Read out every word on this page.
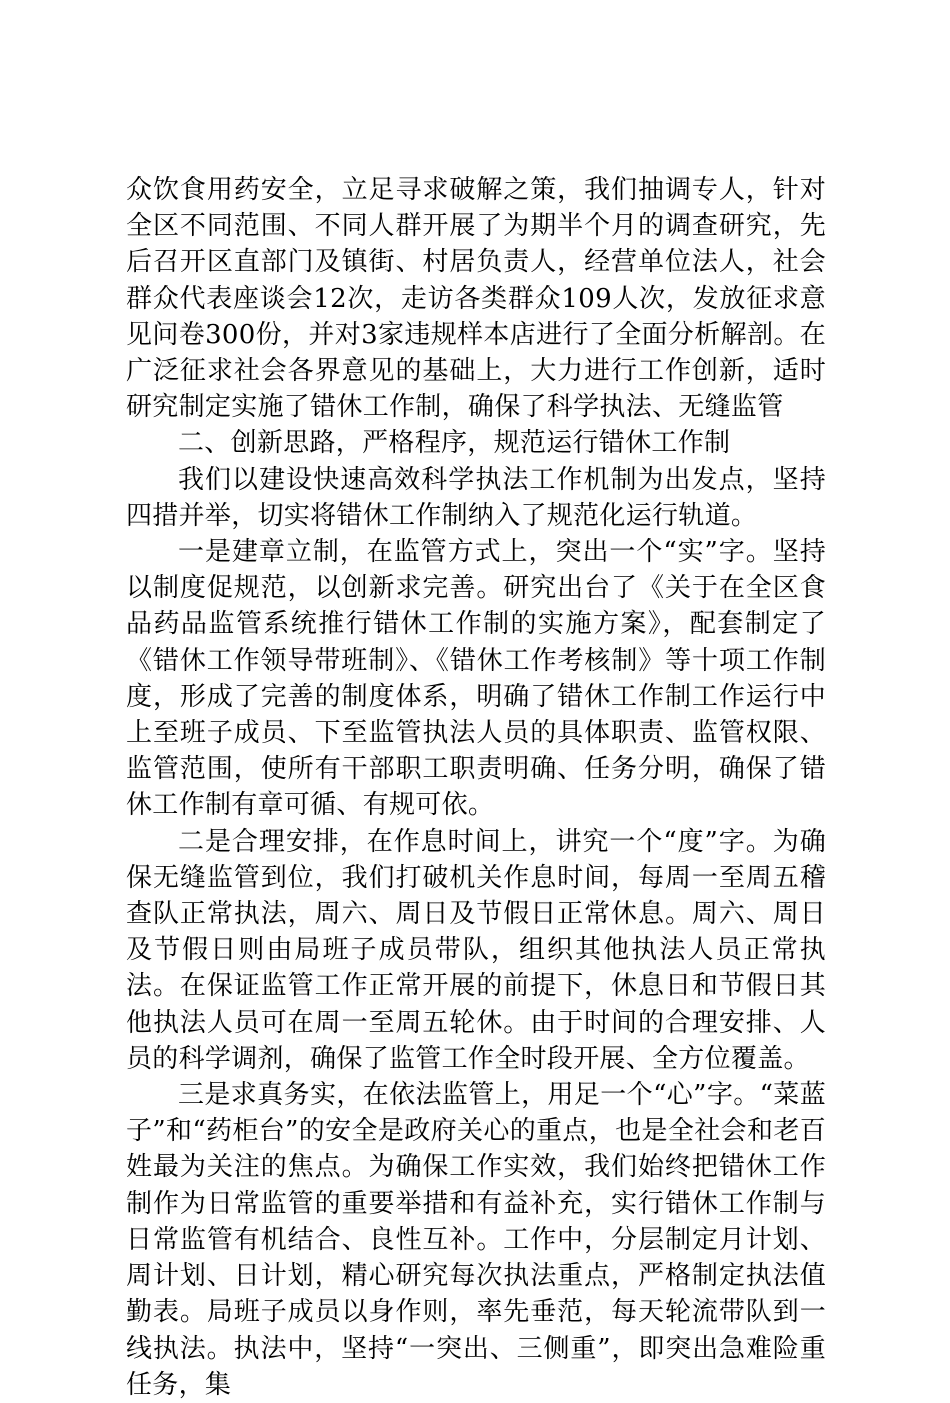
众饮食用药安全，立足寻求破解之策，我们抽调专人，针对全区不同范围、不同人群开展了为期半个月的调查研究，先后召开区直部门及镇街、村居负责人，经营单位法人，社会群众代表座谈会12次，走访各类群众109人次，发放征求意见问卷300份，并对3家违规样本店进行了全面分析解剖。在广泛征求社会各界意见的基础上，大力进行工作创新，适时研究制定实施了错休工作制，确保了科学执法、无缝监管

二、创新思路，严格程序，规范运行错休工作制

我们以建设快速高效科学执法工作机制为出发点，坚持四措并举，切实将错休工作制纳入了规范化运行轨道。

一是建章立制，在监管方式上，突出一个“实”字。坚持以制度促规范，以创新求完善。研究出台了《关于在全区食品药品监管系统推行错休工作制的实施方案》，配套制定了《错休工作领导带班制》、《错休工作考核制》等十项工作制度，形成了完善的制度体系，明确了错休工作制工作运行中上至班子成员、下至监管执法人员的具体职责、监管权限、监管范围，使所有干部职工职责明确、任务分明，确保了错休工作制有章可循、有规可依。

二是合理安排，在作息时间上，讲究一个“度”字。为确保无缝监管到位，我们打破机关作息时间，每周一至周五稽查队正常执法，周六、周日及节假日正常休息。周六、周日及节假日则由局班子成员带队，组织其他执法人员正常执法。在保证监管工作正常开展的前提下，休息日和节假日其他执法人员可在周一至周五轮休。由于时间的合理安排、人员的科学调剂，确保了监管工作全时段开展、全方位覆盖。

三是求真务实，在依法监管上，用足一个“心”字。“菜蓝子”和“药柜台”的安全是政府关心的重点，也是全社会和老百姓最为关注的焦点。为确保工作实效，我们始终把错休工作制作为日常监管的重要举措和有益补充，实行错休工作制与日常监管有机结合、良性互补。工作中，分层制定月计划、周计划、日计划，精心研究每次执法重点，严格制定执法值勤表。局班子成员以身作则，率先垂范，每天轮流带队到一线执法。执法中，坚持“一突出、三侧重”，即突出急难险重任务，集
